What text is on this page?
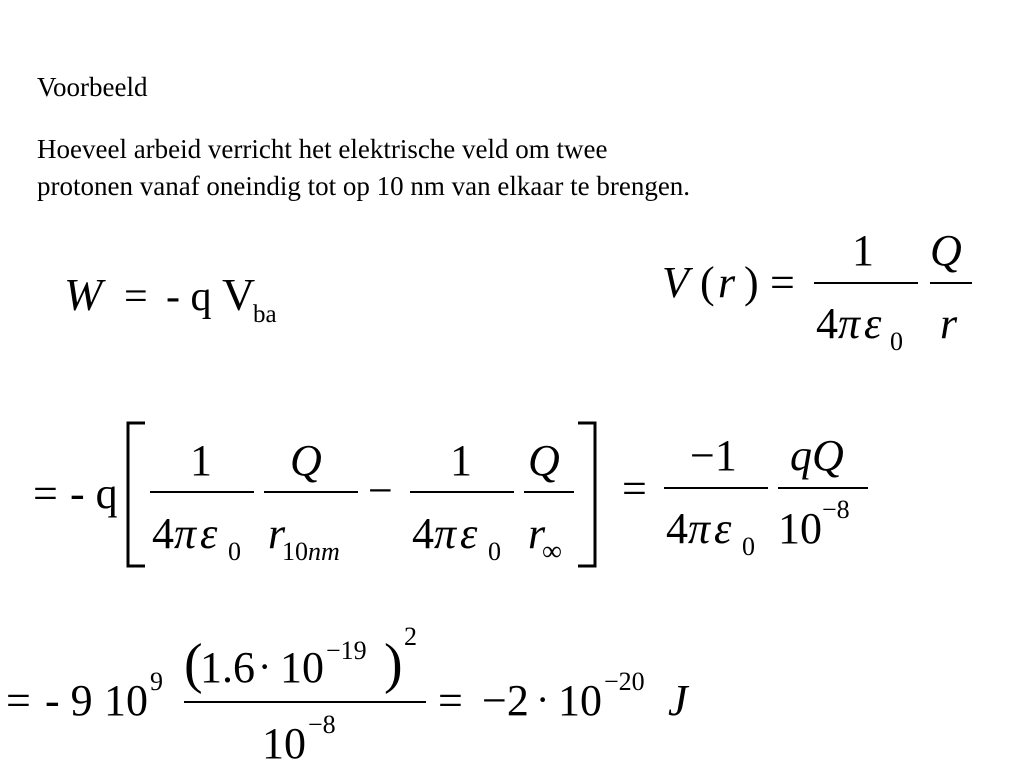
Voorbeeld
Hoeveel arbeid verricht het elektrische veld om twee
protonen vanaf oneindig tot op 10 nm van elkaar te brengen.
W = - q V
ba
V ( r ) =
1
4 π ε 0
Q
r
= - q
1
4 π ε 0
Q
r
10 nm
−
1
4 π ε 0
Q
r
∞
=
−1
4 π ε 0
qQ
10 −8
= - 9 10 9 (
1.6 · 10 −19 ) 2
10 −8 = −2 · 10 −20 J
